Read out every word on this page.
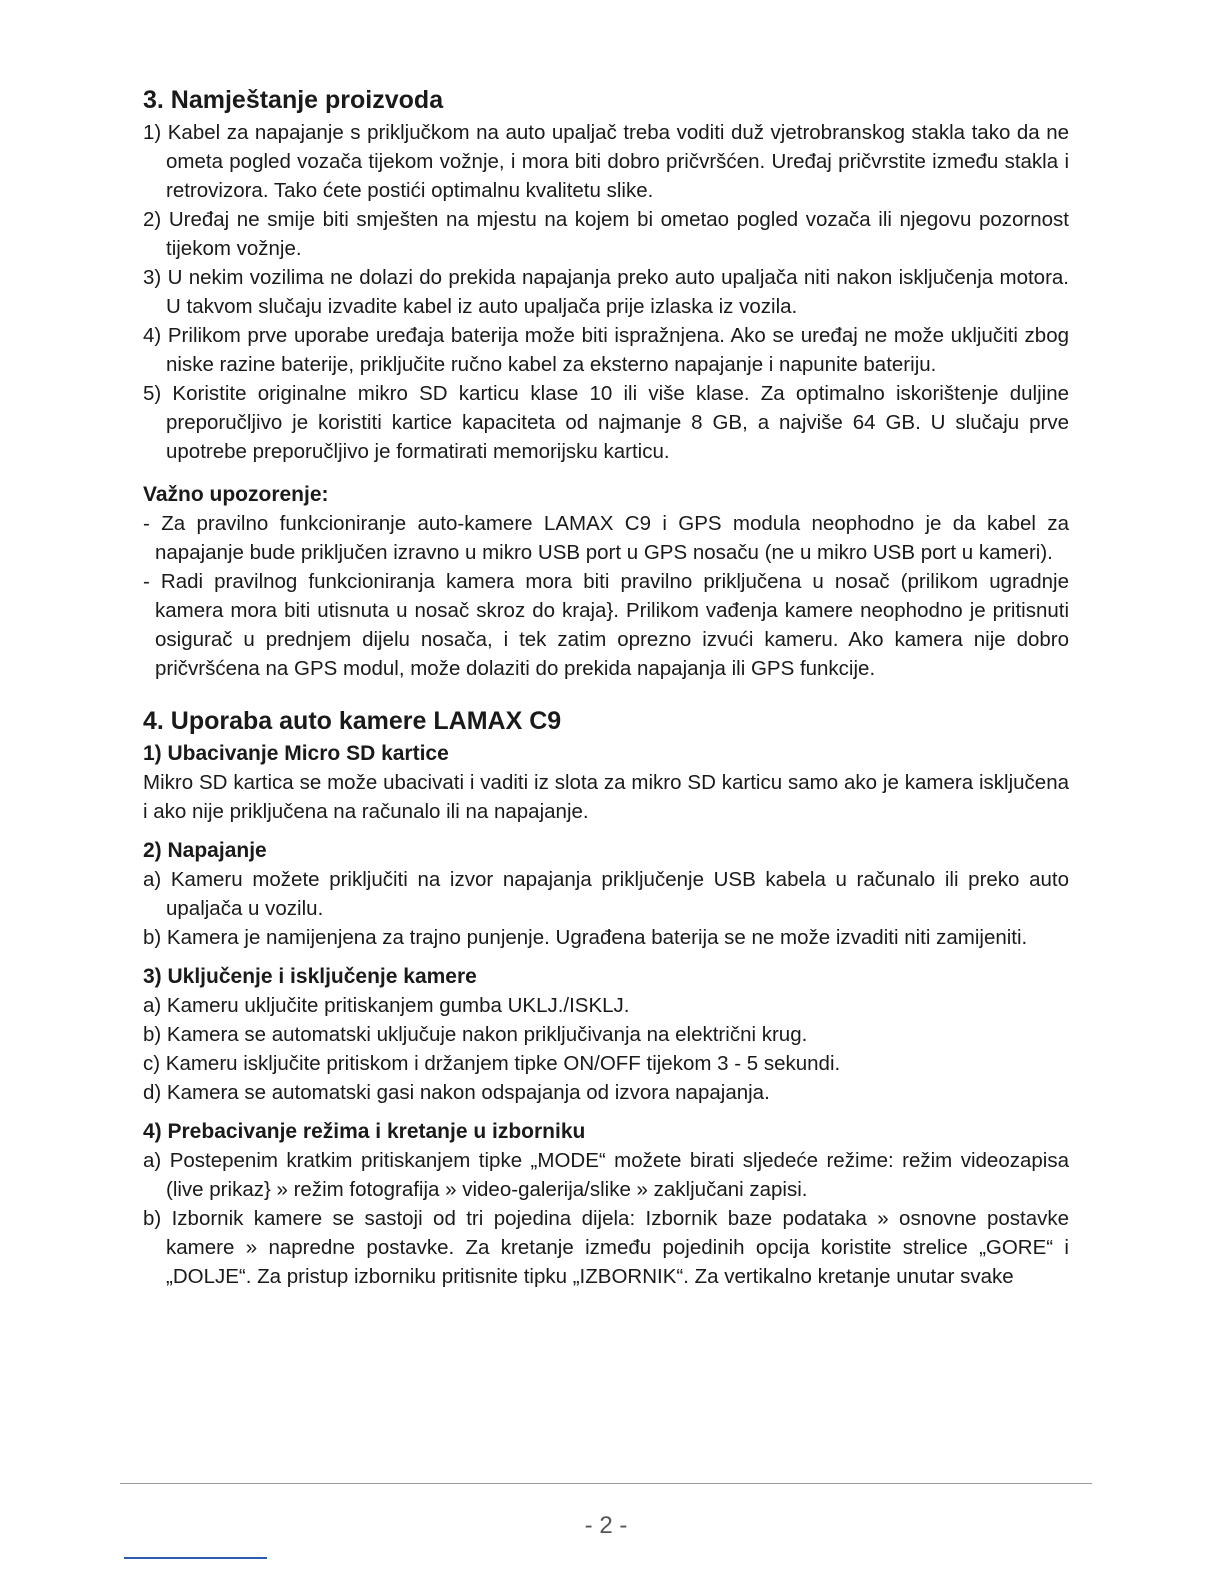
3. Namještanje proizvoda
1) Kabel za napajanje s priključkom na auto upaljač treba voditi duž vjetrobranskog stakla tako da ne ometa pogled vozača tijekom vožnje, i mora biti dobro pričvršćen. Uređaj pričvrstite između stakla i retrovizora. Tako ćete postići optimalnu kvalitetu slike.
2) Uređaj ne smije biti smješten na mjestu na kojem bi ometao pogled vozača ili njegovu pozornost tijekom vožnje.
3) U nekim vozilima ne dolazi do prekida napajanja preko auto upaljača niti nakon isključenja motora. U takvom slučaju izvadite kabel iz auto upaljača prije izlaska iz vozila.
4) Prilikom prve uporabe uređaja baterija može biti ispražnjena. Ako se uređaj ne može uključiti zbog niske razine baterije, priključite ručno kabel za eksterno napajanje i napunite bateriju.
5) Koristite originalne mikro SD karticu klase 10 ili više klase. Za optimalno iskorištenje duljine preporučljivo je koristiti kartice kapaciteta od najmanje 8 GB, a najviše 64 GB. U slučaju prve upotrebe preporučljivo je formatirati memorijsku karticu.
Važno upozorenje:
- Za pravilno funkcioniranje auto-kamere LAMAX C9 i GPS modula neophodno je da kabel za napajanje bude priključen izravno u mikro USB port u GPS nosaču (ne u mikro USB port u kameri).
- Radi pravilnog funkcioniranja kamera mora biti pravilno priključena u nosač (prilikom ugradnje kamera mora biti utisnuta u nosač skroz do kraja}. Prilikom vađenja kamere neophodno je pritisnuti osigurač u prednjem dijelu nosača, i tek zatim oprezno izvući kameru. Ako kamera nije dobro pričvršćena na GPS modul, može dolaziti do prekida napajanja ili GPS funkcije.
4. Uporaba auto kamere LAMAX C9
1) Ubacivanje Micro SD kartice

Mikro SD kartica se može ubacivati i vaditi iz slota za mikro SD karticu samo ako je kamera isključena i ako nije priključena na računalo ili na napajanje.

2) Napajanje
a) Kameru možete priključiti na izvor napajanja priključenje USB kabela u računalo ili preko auto upaljača u vozilu.
b) Kamera je namijenjena za trajno punjenje. Ugrađena baterija se ne može izvaditi niti zamijeniti.
3) Uključenje i isključenje kamere
a) Kameru uključite pritiskanjem gumba UKLJ./ISKLJ.
b) Kamera se automatski uključuje nakon priključivanja na električni krug.
c) Kameru isključite pritiskom i držanjem tipke ON/OFF tijekom 3 - 5 sekundi.
d) Kamera se automatski gasi nakon odspajanja od izvora napajanja.
4) Prebacivanje režima i kretanje u izborniku
a) Postepenim kratkim pritiskanjem tipke „MODE“ možete birati sljedeće režime: režim videozapisa (live prikaz} » režim fotografija » video-galerija/slike » zaključani zapisi.
b) Izbornik kamere se sastoji od tri pojedina dijela: Izbornik baze podataka » osnovne postavke kamere » napredne postavke. Za kretanje između pojedinih opcija koristite strelice „GORE“ i „DOLJE“. Za pristup izborniku pritisnite tipku „IZBORNIK“. Za vertikalno kretanje unutar svake
- 2 -
